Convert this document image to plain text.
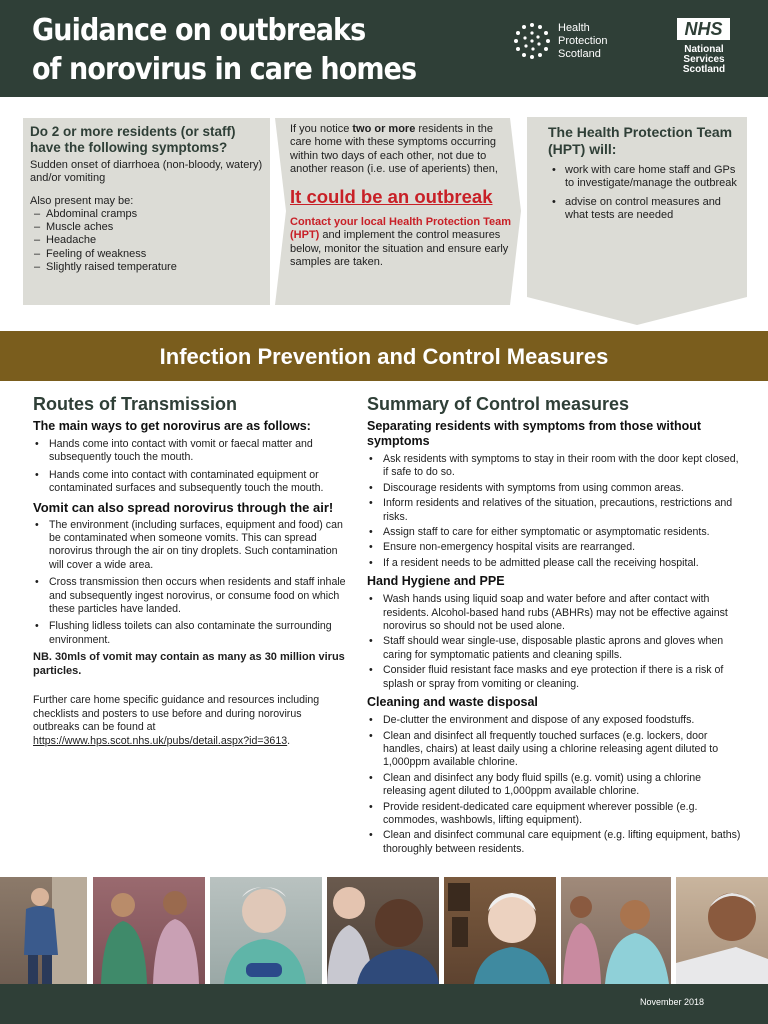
Guidance on outbreaks
of norovirus in care homes
Health
Protection
Scotland
NHS
National
Services
Scotland
Do 2 or more residents (or staff) have the following symptoms?
Sudden onset of diarrhoea (non-bloody, watery) and/or vomiting
Also present may be:
– Abdominal cramps
– Muscle aches
– Headache
– Feeling of weakness
– Slightly raised temperature
If you notice two or more residents in the care home with these symptoms occurring within two days of each other, not due to another reason (i.e. use of aperients) then,
It could be an outbreak
Contact your local Health Protection Team (HPT) and implement the control measures below, monitor the situation and ensure early samples are taken.
The Health Protection Team (HPT) will:
• work with care home staff and GPs to investigate/manage the outbreak
• advise on control measures and what tests are needed
Infection Prevention and Control Measures
Routes of Transmission
The main ways to get norovirus are as follows:
• Hands come into contact with vomit or faecal matter and subsequently touch the mouth.
• Hands come into contact with contaminated equipment or contaminated surfaces and subsequently touch the mouth.
Vomit can also spread norovirus through the air!
• The environment (including surfaces, equipment and food) can be contaminated when someone vomits. This can spread norovirus through the air on tiny droplets. Such contamination will cover a wide area.
• Cross transmission then occurs when residents and staff inhale and subsequently ingest norovirus, or consume food on which these particles have landed.
• Flushing lidless toilets can also contaminate the surrounding environment.
NB. 30mls of vomit may contain as many as 30 million virus particles.
Further care home specific guidance and resources including checklists and posters to use before and during norovirus outbreaks can be found at https://www.hps.scot.nhs.uk/pubs/detail.aspx?id=3613.
Summary of Control measures
Separating residents with symptoms from those without symptoms
• Ask residents with symptoms to stay in their room with the door kept closed, if safe to do so.
• Discourage residents with symptoms from using common areas.
• Inform residents and relatives of the situation, precautions, restrictions and risks.
• Assign staff to care for either symptomatic or asymptomatic residents.
• Ensure non-emergency hospital visits are rearranged.
• If a resident needs to be admitted please call the receiving hospital.
Hand Hygiene and PPE
• Wash hands using liquid soap and water before and after contact with residents. Alcohol-based hand rubs (ABHRs) may not be effective against norovirus so should not be used alone.
• Staff should wear single-use, disposable plastic aprons and gloves when caring for symptomatic patients and cleaning spills.
• Consider fluid resistant face masks and eye protection if there is a risk of splash or spray from vomiting or cleaning.
Cleaning and waste disposal
• De-clutter the environment and dispose of any exposed foodstuffs.
• Clean and disinfect all frequently touched surfaces (e.g. lockers, door handles, chairs) at least daily using a chlorine releasing agent diluted to 1,000ppm available chlorine.
• Clean and disinfect any body fluid spills (e.g. vomit) using a chlorine releasing agent diluted to 1,000ppm available chlorine.
• Provide resident-dedicated care equipment wherever possible (e.g. commodes, washbowls, lifting equipment).
• Clean and disinfect communal care equipment (e.g. lifting equipment, baths) thoroughly between residents.
November 2018
